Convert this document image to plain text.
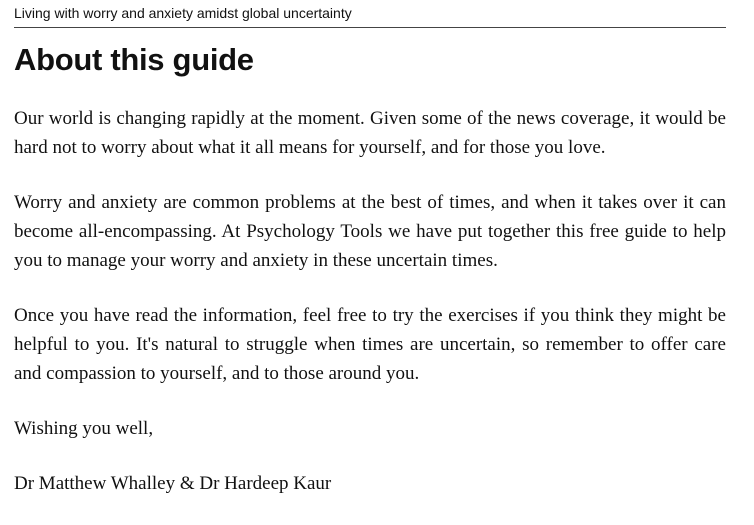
Living with worry and anxiety amidst global uncertainty
About this guide

Our world is changing rapidly at the moment. Given some of the news coverage, it would be hard not to worry about what it all means for yourself, and for those you love.

Worry and anxiety are common problems at the best of times, and when it takes over it can become all-encompassing. At Psychology Tools we have put together this free guide to help you to manage your worry and anxiety in these uncertain times.

Once you have read the information, feel free to try the exercises if you think they might be helpful to you. It's natural to struggle when times are uncertain, so remember to offer care and compassion to yourself, and to those around you.

Wishing you well,

Dr Matthew Whalley & Dr Hardeep Kaur
